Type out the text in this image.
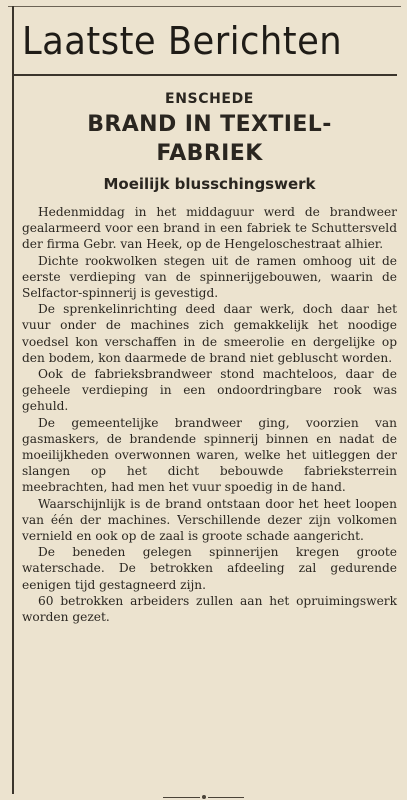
Laatste Berichten

ENSCHEDE

BRAND IN TEXTIEL-
FABRIEK
Moeilijk blusschingswerk

Hedenmiddag in het middaguur werd de brandweer gealarmeerd voor een brand in een fabriek te Schuttersveld der firma Gebr. van Heek, op de Hengeloschestraat alhier.

Dichte rookwolken stegen uit de ramen omhoog uit de eerste verdieping van de spinnerijgebouwen, waarin de Selfactor-spinnerij is gevestigd.

De sprenkelinrichting deed daar werk, doch daar het vuur onder de machines zich gemakkelijk het noodige voedsel kon verschaffen in de smeerolie en dergelijke op den bodem, kon daarmede de brand niet gebluscht worden.

Ook de fabrieksbrandweer stond machteloos, daar de geheele verdieping in een ondoordringbare rook was gehuld.

De gemeentelijke brandweer ging, voorzien van gasmaskers, de brandende spinnerij binnen en nadat de moeilijkheden overwonnen waren, welke het uitleggen der slangen op het dicht bebouwde fabrieksterrein meebrachten, had men het vuur spoedig in de hand.

Waarschijnlijk is de brand ontstaan door het heet loopen van één der machines. Verschillende dezer zijn volkomen vernield en ook op de zaal is groote schade aangericht.

De beneden gelegen spinnerijen kregen groote waterschade. De betrokken afdeeling zal gedurende eenigen tijd gestagneerd zijn.

60 betrokken arbeiders zullen aan het opruimingswerk worden gezet.
